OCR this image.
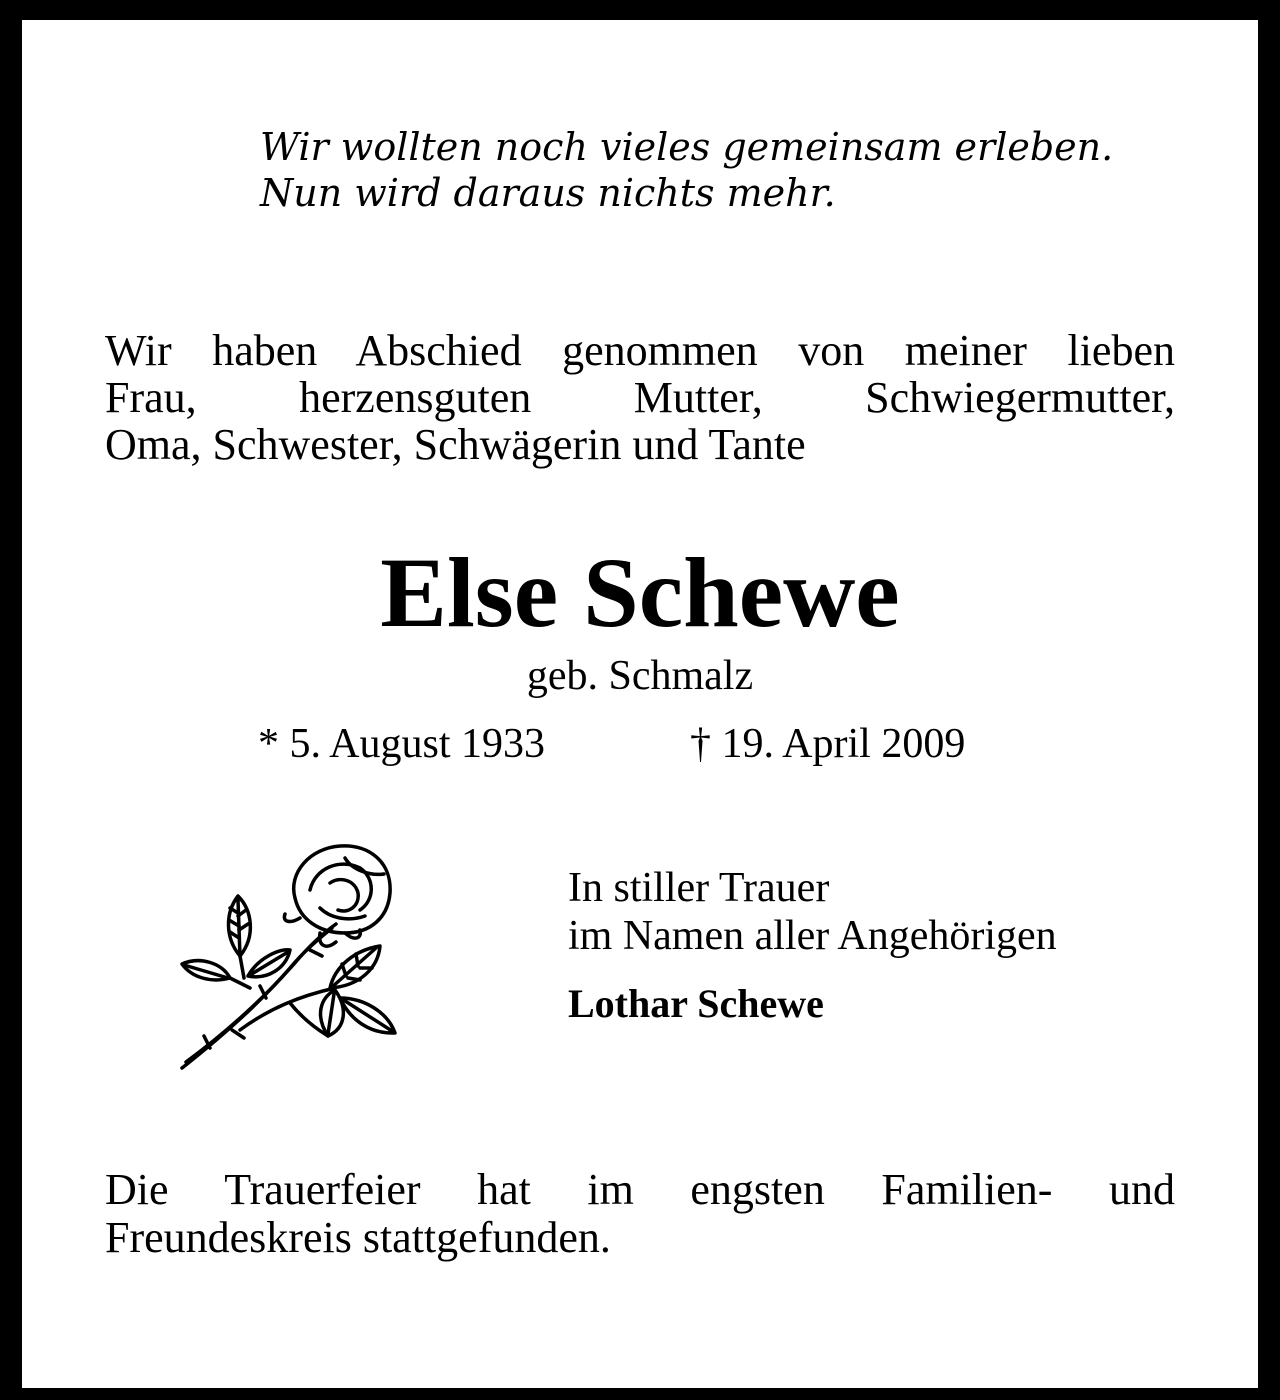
Wir wollten noch vieles gemeinsam erleben.
Nun wird daraus nichts mehr.

Wir haben Abschied genommen von meiner lieben
Frau, herzensguten Mutter, Schwiegermutter,
Oma, Schwester, Schwägerin und Tante

Else Schewe
geb. Schmalz
* 5. August 1933	† 19. April 2009
In stiller Trauer
im Namen aller Angehörigen
Lothar Schewe

Die Trauerfeier hat im engsten Familien- und
Freundeskreis stattgefunden.
